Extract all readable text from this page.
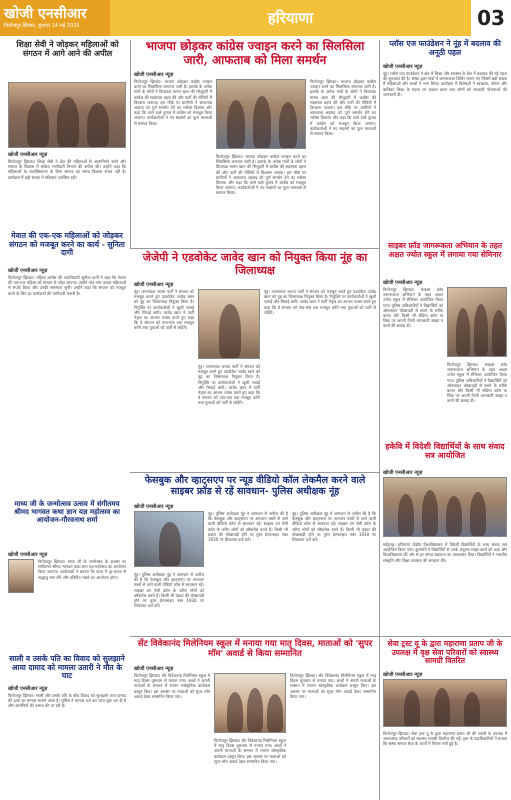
खोजी एनसीआर
फिरोजपुर झिरका, बुधवार 14 मई 2025	हरियाणा	03
शिक्षा सेवी ने जोड़कर महिलाओं को संगठन में आगे आने की अपील
खोजी एनसीआर न्यूज़
फिरोजपुर झिरका। शिक्षा सेवी ने क्षेत्र की महिलाओं से आत्मनिर्भर बनने और समाज के विकास में सक्रिय भागीदारी निभाने की अपील की। उन्होंने कहा कि महिलाओं के सशक्तिकरण के बिना समाज का समग्र विकास संभव नहीं है। कार्यक्रम में बड़ी संख्या में महिलाएं उपस्थित रहीं।
मेवात की एक-एक महिलाओं को जोड़कर संगठन को मजबूत करने का कार्य - सुनिता दागी
खोजी एनसीआर न्यूज़
फिरोजपुर झिरका। महिला कांग्रेस की पदाधिकारी सुनीता दागी ने कहा कि मेवात की एक-एक महिला को संगठन से जोड़ा जाएगा। उन्होंने गांव-गांव जाकर महिलाओं से संपर्क किया और उनकी समस्याएं सुनीं। उन्होंने कहा कि संगठन को मजबूत करने के लिए हर कार्यकर्ता की भागीदारी जरूरी है।
माध्य जी के जन्मोत्सव उत्सव में संगीतमय श्रीमद भागवत कथा ज्ञान यज्ञ महोत्सव का आयोजन-गौरवनाथ शर्मा
खोजी एनसीआर न्यूज़
फिरोजपुर झिरका। माध्य जी के जन्मोत्सव के अवसर पर संगीतमय श्रीमद भागवत कथा ज्ञान यज्ञ महोत्सव का आयोजन किया जाएगा। आयोजकों ने बताया कि कथा में दूर-दराज से श्रद्धालु भाग लेंगे और प्रतिदिन भंडारे का आयोजन होगा।
साली व उसके पति का विवाद को सुलझाने आया दामाद को मामला उतारी ने मौत के घाट
खोजी एनसीआर न्यूज़
फिरोजपुर झिरका। साली और उसके पति के बीच विवाद को सुलझाने आए दामाद की हत्या का मामला सामने आया है। पुलिस ने मामला दर्ज कर जांच शुरू कर दी है और आरोपियों की तलाश की जा रही है।
भाजपा छोड़कर कांग्रेस ज्वाइन करने का सिलसिला जारी, आफताब को मिला समर्थन
खोजी एनसीआर न्यूज़
फिरोजपुर झिरका। भाजपा छोड़कर कांग्रेस ज्वाइन करने का सिलसिला लगातार जारी है। इलाके के अनेक गांवों के लोगों ने विधायक मामन खान की मौजूदगी में कांग्रेस की सदस्यता ग्रहण की और पार्टी की नीतियों में विश्वास जताया। इस मौके पर ग्रामीणों ने आफताब अहमद को पूर्ण समर्थन देने का भरोसा दिलाया और कहा कि आने वाले चुनाव में कांग्रेस को मजबूत किया जाएगा। कार्यकर्ताओं ने नए सदस्यों का फूल मालाओं से स्वागत किया।
फिरोजपुर झिरका। भाजपा छोड़कर कांग्रेस ज्वाइन करने का सिलसिला लगातार जारी है। इलाके के अनेक गांवों के लोगों ने विधायक मामन खान की मौजूदगी में कांग्रेस की सदस्यता ग्रहण की और पार्टी की नीतियों में विश्वास जताया। इस मौके पर ग्रामीणों ने आफताब अहमद को पूर्ण समर्थन देने का भरोसा दिलाया और कहा कि आने वाले चुनाव में कांग्रेस को मजबूत किया जाएगा। कार्यकर्ताओं ने नए सदस्यों का फूल मालाओं से स्वागत किया।
फिरोजपुर झिरका। भाजपा छोड़कर कांग्रेस ज्वाइन करने का सिलसिला लगातार जारी है। इलाके के अनेक गांवों के लोगों ने विधायक मामन खान की मौजूदगी में कांग्रेस की सदस्यता ग्रहण की और पार्टी की नीतियों में विश्वास जताया। इस मौके पर ग्रामीणों ने आफताब अहमद को पूर्ण समर्थन देने का भरोसा दिलाया और कहा कि आने वाले चुनाव में कांग्रेस को मजबूत किया जाएगा। कार्यकर्ताओं ने नए सदस्यों का फूल मालाओं से स्वागत किया।
जेजेपी ने एडवोकेट जावेद खान को नियुक्त किया नूंह का जिलाध्यक्ष
खोजी एनसीआर न्यूज़
नूंह। जननायक जनता पार्टी ने संगठन को मजबूत करते हुए एडवोकेट जावेद खान को नूंह का जिलाध्यक्ष नियुक्त किया है। नियुक्ति पर कार्यकर्ताओं ने खुशी जताई और मिठाई बांटी। जावेद खान ने पार्टी नेतृत्व का आभार व्यक्त करते हुए कहा कि वे संगठन को गांव-गांव तक मजबूत करेंगे तथा युवाओं को पार्टी से जोड़ेंगे।
नूंह। जननायक जनता पार्टी ने संगठन को मजबूत करते हुए एडवोकेट जावेद खान को नूंह का जिलाध्यक्ष नियुक्त किया है। नियुक्ति पर कार्यकर्ताओं ने खुशी जताई और मिठाई बांटी। जावेद खान ने पार्टी नेतृत्व का आभार व्यक्त करते हुए कहा कि वे संगठन को गांव-गांव तक मजबूत करेंगे तथा युवाओं को पार्टी से जोड़ेंगे।
नूंह। जननायक जनता पार्टी ने संगठन को मजबूत करते हुए एडवोकेट जावेद खान को नूंह का जिलाध्यक्ष नियुक्त किया है। नियुक्ति पर कार्यकर्ताओं ने खुशी जताई और मिठाई बांटी। जावेद खान ने पार्टी नेतृत्व का आभार व्यक्त करते हुए कहा कि वे संगठन को गांव-गांव तक मजबूत करेंगे तथा युवाओं को पार्टी से जोड़ेंगे।
फेसबुक और व्हाट्सएप पर न्यूड वीडियो कॉल लेकमैल करने वाले साइबर फ्रॉड से रहें सावधान- पुलिस अधीक्षक नूंह
खोजी एनसीआर न्यूज़
नूंह। पुलिस अधीक्षक नूंह ने आमजन से अपील की है कि फेसबुक और व्हाट्सएप पर अनजान नंबरों से आने वाली वीडियो कॉल से सावधान रहें। साइबर ठग ऐसी कॉल के जरिए लोगों को ब्लैकमेल करते हैं। किसी भी प्रकार की धोखाधड़ी होने पर तुरंत हेल्पलाइन नंबर 1930 पर शिकायत दर्ज करें।
नूंह। पुलिस अधीक्षक नूंह ने आमजन से अपील की है कि फेसबुक और व्हाट्सएप पर अनजान नंबरों से आने वाली वीडियो कॉल से सावधान रहें। साइबर ठग ऐसी कॉल के जरिए लोगों को ब्लैकमेल करते हैं। किसी भी प्रकार की धोखाधड़ी होने पर तुरंत हेल्पलाइन नंबर 1930 पर शिकायत दर्ज करें।
नूंह। पुलिस अधीक्षक नूंह ने आमजन से अपील की है कि फेसबुक और व्हाट्सएप पर अनजान नंबरों से आने वाली वीडियो कॉल से सावधान रहें। साइबर ठग ऐसी कॉल के जरिए लोगों को ब्लैकमेल करते हैं। किसी भी प्रकार की धोखाधड़ी होने पर तुरंत हेल्पलाइन नंबर 1930 पर शिकायत दर्ज करें।
सेंट विवेकानंद मिलेनियम स्कूल में मनाया गया मातृ दिवस, माताओं को 'सुपर मॉम' अवार्ड से किया सम्मानित
खोजी एनसीआर न्यूज़
फिरोजपुर झिरका। सेंट विवेकानंद मिलेनियम स्कूल में मातृ दिवस धूमधाम से मनाया गया। बच्चों ने अपनी माताओं के सम्मान में रंगारंग सांस्कृतिक कार्यक्रम प्रस्तुत किए। इस अवसर पर माताओं को सुपर मॉम अवार्ड देकर सम्मानित किया गया।
फिरोजपुर झिरका। सेंट विवेकानंद मिलेनियम स्कूल में मातृ दिवस धूमधाम से मनाया गया। बच्चों ने अपनी माताओं के सम्मान में रंगारंग सांस्कृतिक कार्यक्रम प्रस्तुत किए। इस अवसर पर माताओं को सुपर मॉम अवार्ड देकर सम्मानित किया गया।
फिरोजपुर झिरका। सेंट विवेकानंद मिलेनियम स्कूल में मातृ दिवस धूमधाम से मनाया गया। बच्चों ने अपनी माताओं के सम्मान में रंगारंग सांस्कृतिक कार्यक्रम प्रस्तुत किए। इस अवसर पर माताओं को सुपर मॉम अवार्ड देकर सम्मानित किया गया।
प्लॉस एज फाउंडेशन ने नूंह में बदलाव की अनूठी पहल
खोजी एनसीआर न्यूज़
नूंह। प्लॉस एज फाउंडेशन ने क्षेत्र में शिक्षा और स्वास्थ्य के क्षेत्र में बदलाव की नई पहल की शुरुआत की है। संस्था द्वारा गांवों में जागरूकता शिविर लगाए गए जिसमें बड़ी संख्या में महिलाओं और बच्चों ने भाग लिया। कार्यक्रम में विशेषज्ञों ने स्वच्छता, पोषण और बालिका शिक्षा के महत्व पर प्रकाश डाला तथा लोगों को सरकारी योजनाओं की जानकारी दी।
साइबर फ्रॉड जागरूकता अभियान के तहत अक्षत ज्योत स्कूल में लगाया गया सेमिनार
खोजी एनसीआर न्यूज़
फिरोजपुर झिरका। साइबर फ्रॉड जागरूकता अभियान के तहत अक्षत ज्योत स्कूल में सेमिनार आयोजित किया गया। पुलिस अधिकारियों ने विद्यार्थियों को ऑनलाइन धोखाधड़ी से बचने के तरीके बताए और किसी भी संदिग्ध कॉल या लिंक पर अपनी निजी जानकारी साझा न करने की सलाह दी।
फिरोजपुर झिरका। साइबर फ्रॉड जागरूकता अभियान के तहत अक्षत ज्योत स्कूल में सेमिनार आयोजित किया गया। पुलिस अधिकारियों ने विद्यार्थियों को ऑनलाइन धोखाधड़ी से बचने के तरीके बताए और किसी भी संदिग्ध कॉल या लिंक पर अपनी निजी जानकारी साझा न करने की सलाह दी।
हकेवि में विदेशी विद्यार्थियों के साथ संवाद सत्र आयोजित
खोजी एनसीआर न्यूज़
महेंद्रगढ़। हरियाणा केंद्रीय विश्वविद्यालय में विदेशी विद्यार्थियों के साथ संवाद सत्र आयोजित किया गया। कुलपति ने विद्यार्थियों से उनके अनुभव साझा करने को कहा और विश्वविद्यालय की ओर से हर संभव सहायता का आश्वासन दिया। विद्यार्थियों ने भारतीय संस्कृति और शिक्षा व्यवस्था की सराहना की।
सेवा ट्रस्ट यू के द्वारा महाराणा प्रताप जी के उपलक्ष में वृक्ष सेवा परिवारों को स्वास्थ्य सामग्री वितरित
खोजी एनसीआर न्यूज़
फिरोजपुर झिरका। सेवा ट्रस्ट यू के द्वारा महाराणा प्रताप जी की जयंती के उपलक्ष में जरूरतमंद परिवारों को स्वास्थ्य सामग्री वितरित की गई। ट्रस्ट के पदाधिकारियों ने बताया कि संस्था समाज सेवा के कार्यों में निरंतर लगी हुई है।
